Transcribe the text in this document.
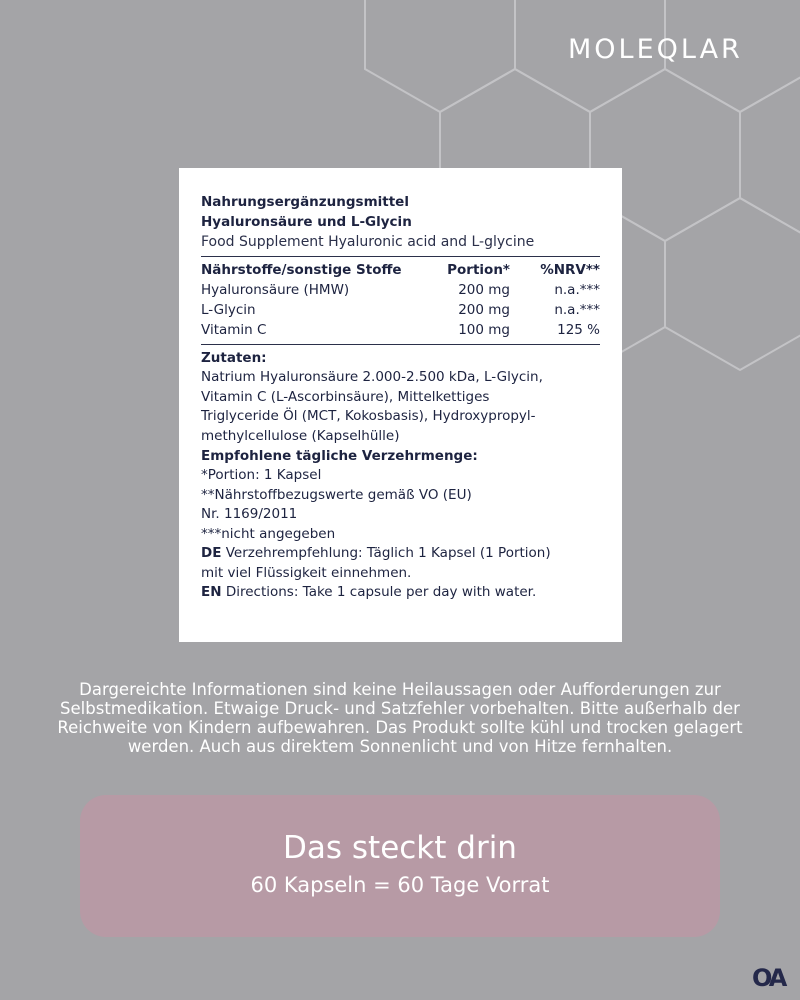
MOLEQLAR
Nahrungsergänzungsmittel
Hyaluronsäure und L-Glycin
Food Supplement Hyaluronic acid and L-glycine
Nährstoffe/sonstige Stoffe	Portion*	%NRV**
Hyaluronsäure (HMW)	200 mg	n.a.***
L-Glycin	200 mg	n.a.***
Vitamin C	100 mg	125 %
Zutaten:
Natrium Hyaluronsäure 2.000-2.500 kDa, L-Glycin,
Vitamin C (L-Ascorbinsäure), Mittelkettiges
Triglyceride Öl (MCT, Kokosbasis), Hydroxypropyl-
methylcellulose (Kapselhülle)
Empfohlene tägliche Verzehrmenge:
*Portion: 1 Kapsel
**Nährstoffbezugswerte gemäß VO (EU)
Nr. 1169/2011
***nicht angegeben
DE Verzehrempfehlung: Täglich 1 Kapsel (1 Portion)
mit viel Flüssigkeit einnehmen.
EN Directions: Take 1 capsule per day with water.
Dargereichte Informationen sind keine Heilaussagen oder Aufforderungen zur
Selbstmedikation. Etwaige Druck- und Satzfehler vorbehalten. Bitte außerhalb der
Reichweite von Kindern aufbewahren. Das Produkt sollte kühl und trocken gelagert
werden. Auch aus direktem Sonnenlicht und von Hitze fernhalten.
Das steckt drin
60 Kapseln = 60 Tage Vorrat
OA
